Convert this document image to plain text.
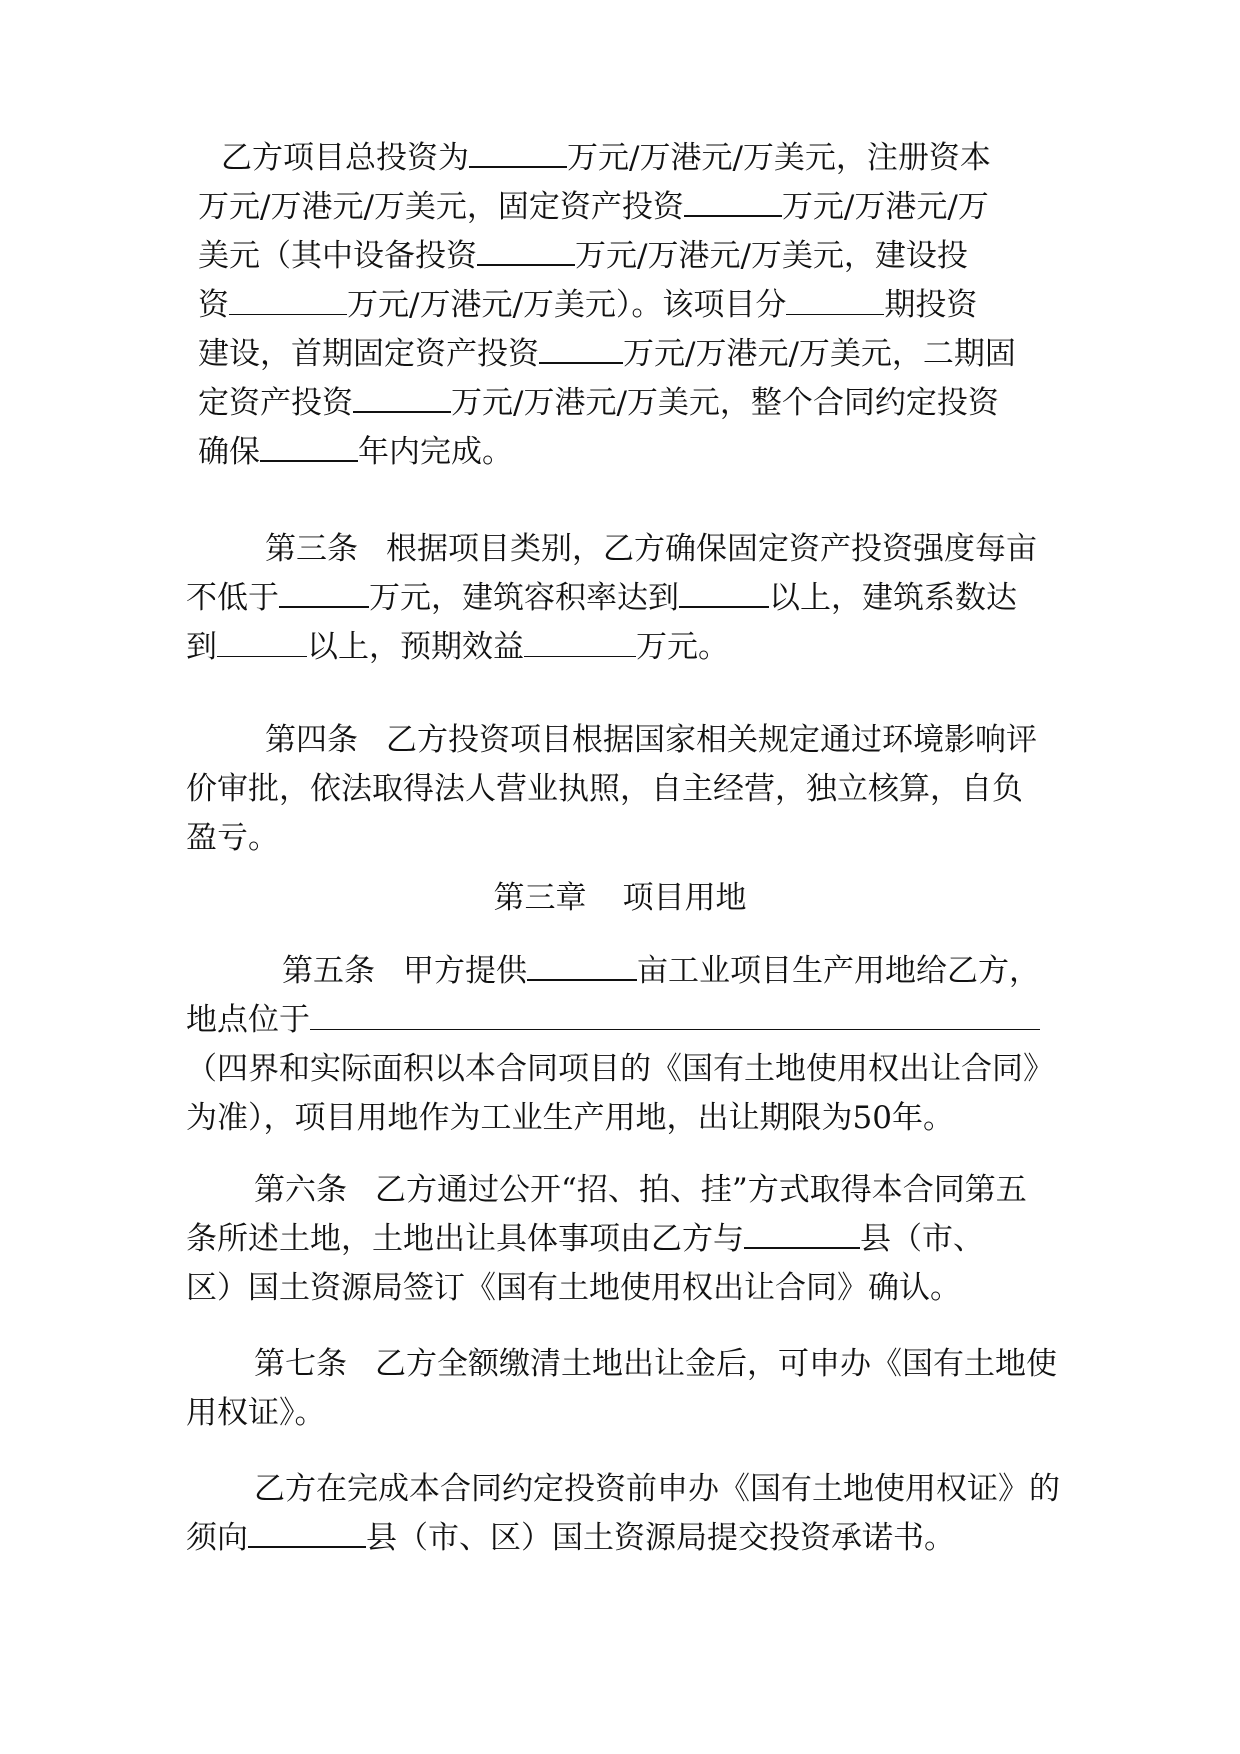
乙方项目总投资为	万元/万港元/万美元，注册资本
万元/万港元/万美元，固定资产投资	万元/万港元/万
美元（其中设备投资	万元/万港元/万美元，建设投
资	万元/万港元/万美元）。该项目分	期投资
建设，首期固定资产投资	万元/万港元/万美元，二期固
定资产投资	万元/万港元/万美元，整个合同约定投资
确保	年内完成。
第三条 根据项目类别，乙方确保固定资产投资强度每亩
不低于	万元，建筑容积率达到	以上，建筑系数达
到	以上，预期效益	万元。
第四条 乙方投资项目根据国家相关规定通过环境影响评
价审批，依法取得法人营业执照，自主经营，独立核算，自负
盈亏。
第三章 项目用地
第五条 甲方提供	亩工业项目生产用地给乙方，
地点位于
（四界和实际面积以本合同项目的《国有土地使用权出让合同》
为准），项目用地作为工业生产用地，出让期限为50年。
第六条 乙方通过公开“招、拍、挂”方式取得本合同第五
条所述土地，土地出让具体事项由乙方与	县（市、
区）国土资源局签订《国有土地使用权出让合同》确认。
第七条 乙方全额缴清土地出让金后，可申办《国有土地使
用权证》。
乙方在完成本合同约定投资前申办《国有土地使用权证》的
须向	县（市、区）国土资源局提交投资承诺书。
